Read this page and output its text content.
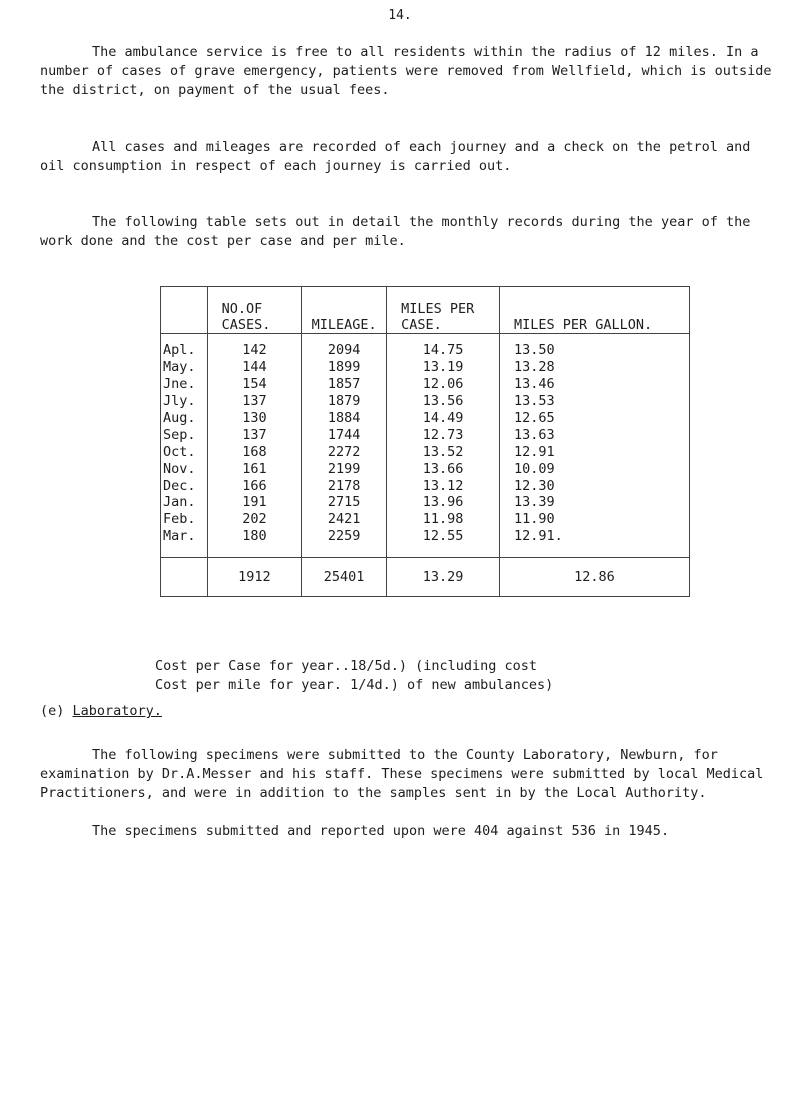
14.

The ambulance service is free to all residents within the radius of 12 miles. In a number of cases of grave emergency, patients were removed from Wellfield, which is outside the district, on payment of the usual fees.

All cases and mileages are recorded of each journey and a check on the petrol and oil consumption in respect of each journey is carried out.

The following table sets out in detail the monthly records during the year of the work done and the cost per case and per mile.

	NO.OF CASES.	MILEAGE.	MILES PER CASE.	MILES PER GALLON.
Apl.	142	2094	14.75	13.50
May.	144	1899	13.19	13.28
Jne.	154	1857	12.06	13.46
Jly.	137	1879	13.56	13.53
Aug.	130	1884	14.49	12.65
Sep.	137	1744	12.73	13.63
Oct.	168	2272	13.52	12.91
Nov.	161	2199	13.66	10.09
Dec.	166	2178	13.12	12.30
Jan.	191	2715	13.96	13.39
Feb.	202	2421	11.98	11.90
Mar.	180	2259	12.55	12.91.
	1912	25401	13.29	12.86
Cost per Case for year..18/5d.) (including cost
Cost per mile for year. 1/4d.) of new ambulances)
(e) Laboratory.

The following specimens were submitted to the County Laboratory, Newburn, for examination by Dr.A.Messer and his staff. These specimens were submitted by local Medical Practitioners, and were in addition to the samples sent in by the Local Authority.

The specimens submitted and reported upon were 404 against 536 in 1945.
